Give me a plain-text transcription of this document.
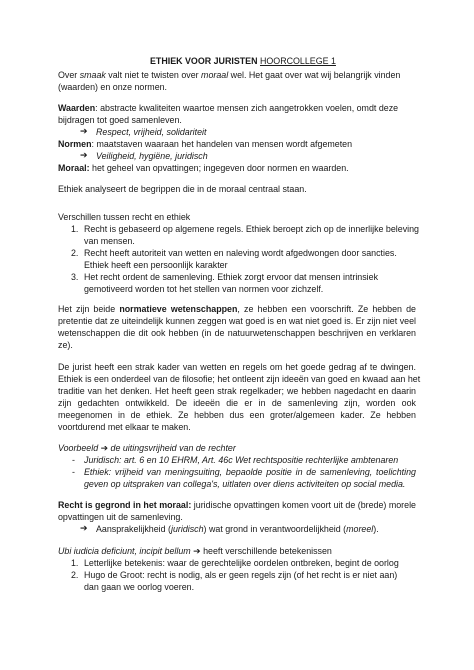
ETHIEK VOOR JURISTEN HOORCOLLEGE 1
Over smaak valt niet te twisten over moraal wel. Het gaat over wat wij belangrijk vinden
(waarden) en onze normen.
Waarden: abstracte kwaliteiten waartoe mensen zich aangetrokken voelen, omdt deze
bijdragen tot goed samenleven.
➔ Respect, vrijheid, solidariteit
Normen: maatstaven waaraan het handelen van mensen wordt afgemeten
➔ Veiligheid, hygiëne, juridisch
Moraal: het geheel van opvattingen; ingegeven door normen en waarden.
Ethiek analyseert de begrippen die in de moraal centraal staan.
Verschillen tussen recht en ethiek
1. Recht is gebaseerd op algemene regels. Ethiek beroept zich op de innerlijke beleving
van mensen.
2. Recht heeft autoriteit van wetten en naleving wordt afgedwongen door sancties.
Ethiek heeft een persoonlijk karakter
3. Het recht ordent de samenleving. Ethiek zorgt ervoor dat mensen intrinsiek
gemotiveerd worden tot het stellen van normen voor zichzelf.
Het zijn beide normatieve wetenschappen, ze hebben een voorschrift. Ze hebben de
pretentie dat ze uiteindelijk kunnen zeggen wat goed is en wat niet goed is. Er zijn niet veel
wetenschappen die dit ook hebben (in de natuurwetenschappen beschrijven en verklaren
ze).
De jurist heeft een strak kader van wetten en regels om het goede gedrag af te dwingen.
Ethiek is een onderdeel van de filosofie; het ontleent zijn ideeën van goed en kwaad aan het
traditie van het denken. Het heeft geen strak regelkader; we hebben nagedacht en daarin
zijn gedachten ontwikkeld. De ideeën die er in de samenleving zijn, worden ook
meegenomen in de ethiek. Ze hebben dus een groter/algemeen kader. Ze hebben
voortdurend met elkaar te maken.
Voorbeeld ➔ de uitingsvrijheid van de rechter
- Juridisch: art. 6 en 10 EHRM, Art. 46c Wet rechtspositie rechterlijke ambtenaren
- Ethiek: vrijheid van meningsuiting, bepaolde positie in de samenleving, toelichting
geven op uitspraken van collega's, uitlaten over diens activiteiten op social media.
Recht is gegrond in het moraal: juridische opvattingen komen voort uit de (brede) morele
opvattingen uit de samenleving.
➔ Aansprakelijkheid (juridisch) wat grond in verantwoordelijkheid (moreel).
Ubi iudicia deficiunt, incipit bellum ➔ heeft verschillende betekenissen
1. Letterlijke betekenis: waar de gerechtelijke oordelen ontbreken, begint de oorlog
2. Hugo de Groot: recht is nodig, als er geen regels zijn (of het recht is er niet aan)
dan gaan we oorlog voeren.
